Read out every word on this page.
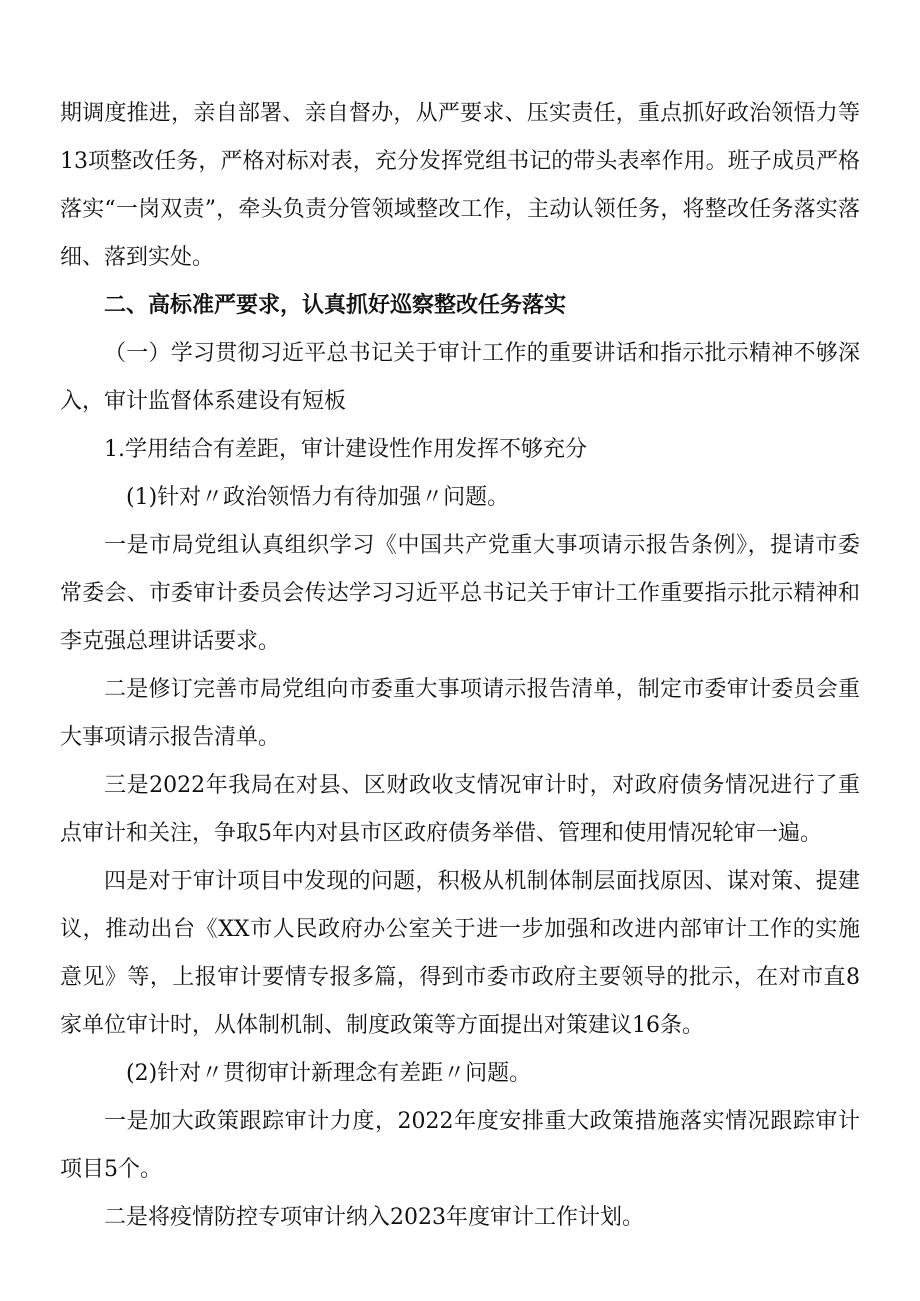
期调度推进，亲自部署、亲自督办，从严要求、压实责任，重点抓好政治领悟力等13项整改任务，严格对标对表，充分发挥党组书记的带头表率作用。班子成员严格落实“一岗双责”，牵头负责分管领域整改工作，主动认领任务，将整改任务落实落细、落到实处。

二、高标准严要求，认真抓好巡察整改任务落实

（一）学习贯彻习近平总书记关于审计工作的重要讲话和指示批示精神不够深入，审计监督体系建设有短板

1.学用结合有差距，审计建设性作用发挥不够充分

(1)针对〃政治领悟力有待加强〃问题。

一是市局党组认真组织学习《中国共产党重大事项请示报告条例》，提请市委常委会、市委审计委员会传达学习习近平总书记关于审计工作重要指示批示精神和李克强总理讲话要求。

二是修订完善市局党组向市委重大事项请示报告清单，制定市委审计委员会重大事项请示报告清单。

三是2022年我局在对县、区财政收支情况审计时，对政府债务情况进行了重点审计和关注，争取5年内对县市区政府债务举借、管理和使用情况轮审一遍。

四是对于审计项目中发现的问题，积极从机制体制层面找原因、谋对策、提建议，推动出台《XX市人民政府办公室关于进一步加强和改进内部审计工作的实施意见》等，上报审计要情专报多篇，得到市委市政府主要领导的批示，在对市直8家单位审计时，从体制机制、制度政策等方面提出对策建议16条。

(2)针对〃贯彻审计新理念有差距〃问题。

一是加大政策跟踪审计力度，2022年度安排重大政策措施落实情况跟踪审计项目5个。

二是将疫情防控专项审计纳入2023年度审计工作计划。
